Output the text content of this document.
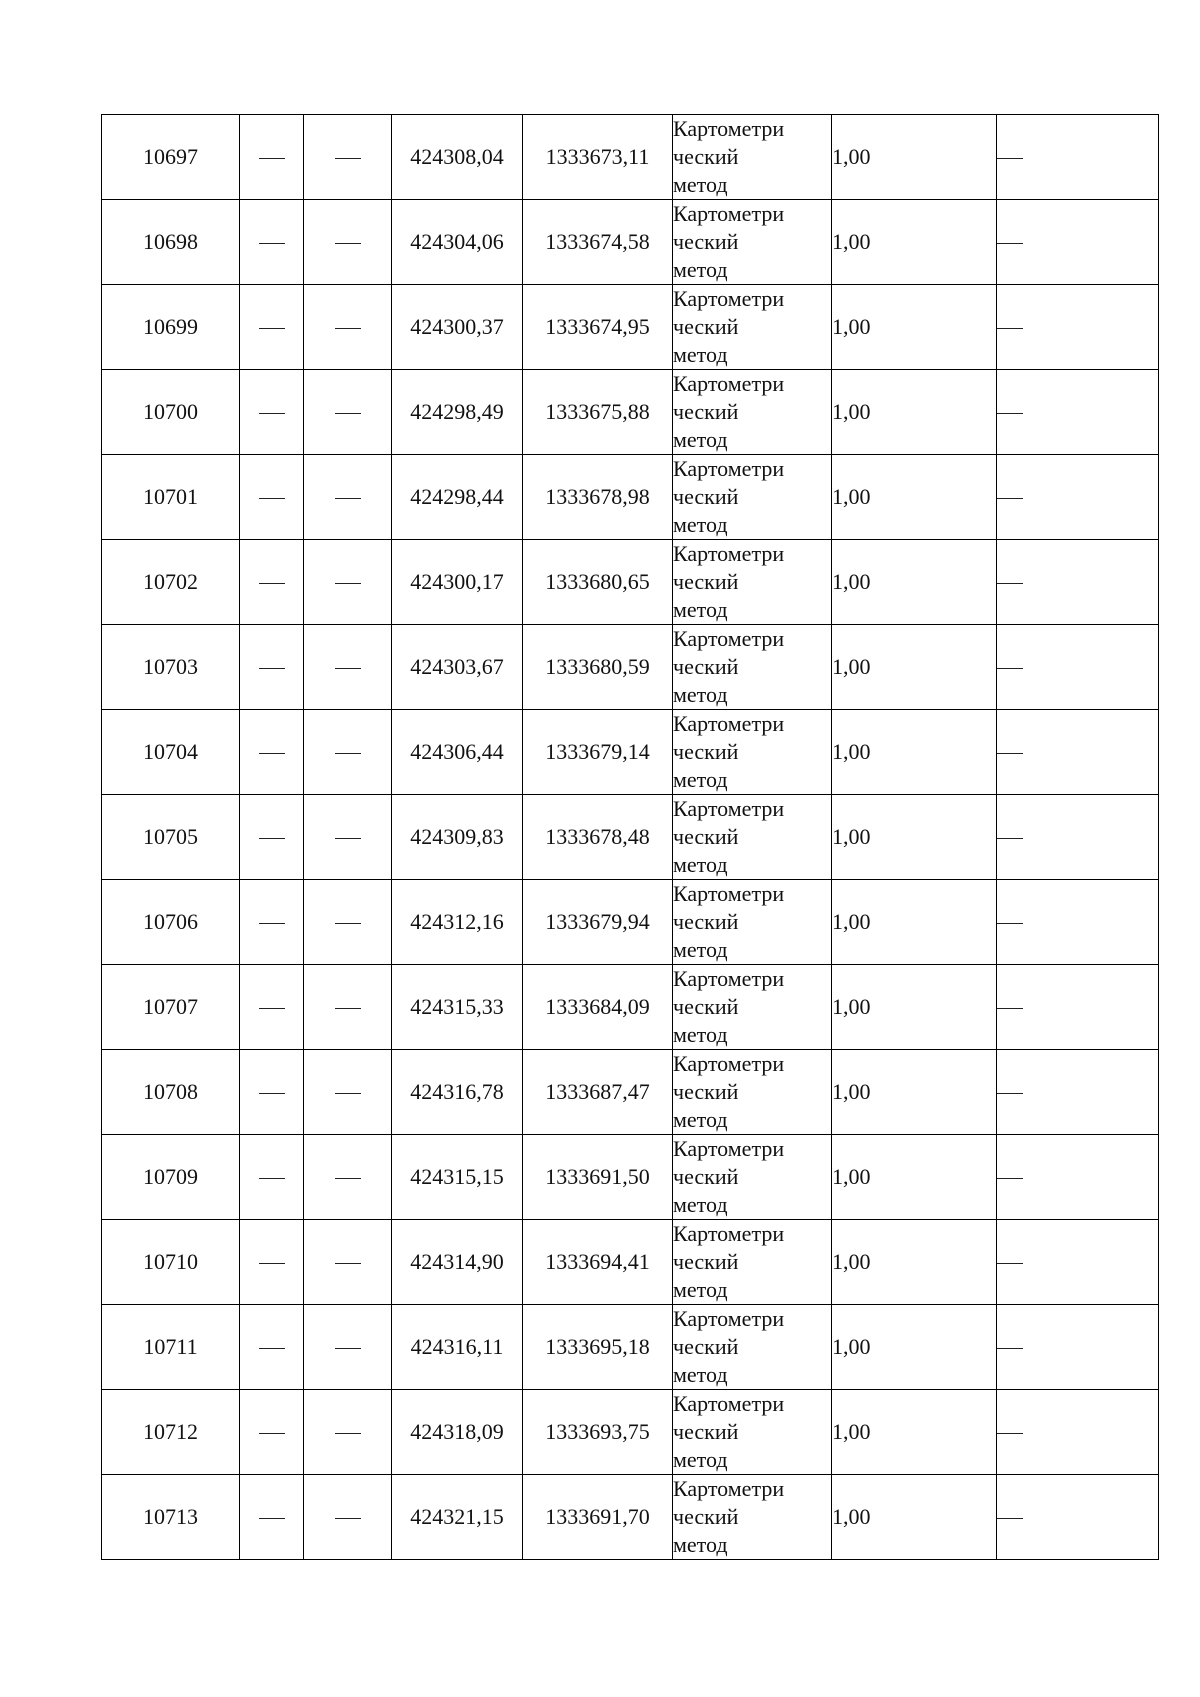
10697			424308,04	1333673,11	Картометри
ческий
метод	1,00	
10698			424304,06	1333674,58	Картометри
ческий
метод	1,00	
10699			424300,37	1333674,95	Картометри
ческий
метод	1,00	
10700			424298,49	1333675,88	Картометри
ческий
метод	1,00	
10701			424298,44	1333678,98	Картометри
ческий
метод	1,00	
10702			424300,17	1333680,65	Картометри
ческий
метод	1,00	
10703			424303,67	1333680,59	Картометри
ческий
метод	1,00	
10704			424306,44	1333679,14	Картометри
ческий
метод	1,00	
10705			424309,83	1333678,48	Картометри
ческий
метод	1,00	
10706			424312,16	1333679,94	Картометри
ческий
метод	1,00	
10707			424315,33	1333684,09	Картометри
ческий
метод	1,00	
10708			424316,78	1333687,47	Картометри
ческий
метод	1,00	
10709			424315,15	1333691,50	Картометри
ческий
метод	1,00	
10710			424314,90	1333694,41	Картометри
ческий
метод	1,00	
10711			424316,11	1333695,18	Картометри
ческий
метод	1,00	
10712			424318,09	1333693,75	Картометри
ческий
метод	1,00	
10713			424321,15	1333691,70	Картометри
ческий
метод	1,00	
